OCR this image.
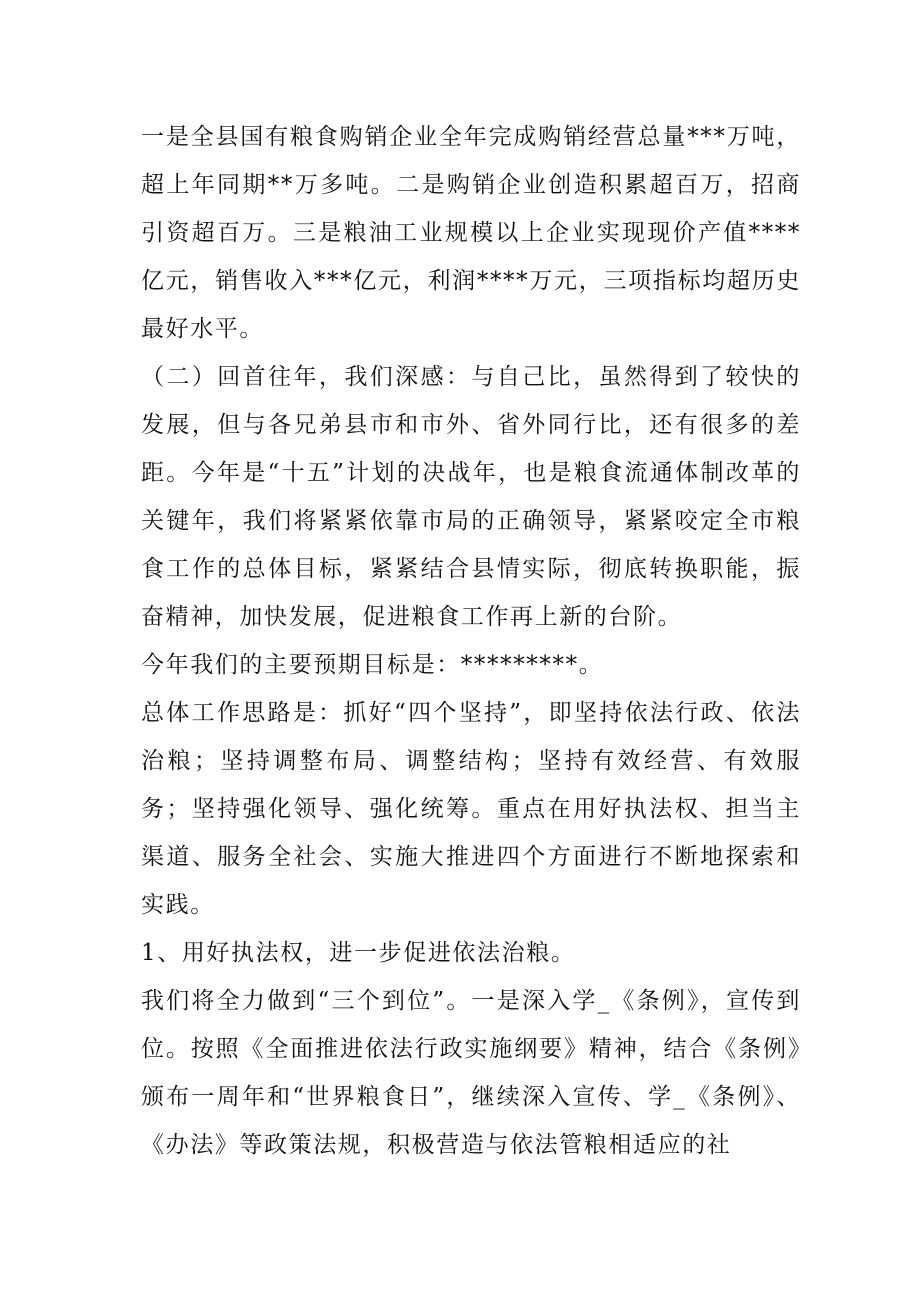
一是全县国有粮食购销企业全年完成购销经营总量***万吨，超上年同期**万多吨。二是购销企业创造积累超百万，招商引资超百万。三是粮油工业规模以上企业实现现价产值****亿元，销售收入***亿元，利润****万元，三项指标均超历史最好水平。

（二）回首往年，我们深感：与自己比，虽然得到了较快的发展，但与各兄弟县市和市外、省外同行比，还有很多的差距。今年是“十五”计划的决战年，也是粮食流通体制改革的关键年，我们将紧紧依靠市局的正确领导，紧紧咬定全市粮食工作的总体目标，紧紧结合县情实际，彻底转换职能，振奋精神，加快发展，促进粮食工作再上新的台阶。

今年我们的主要预期目标是：*********。

总体工作思路是：抓好“四个坚持”，即坚持依法行政、依法治粮；坚持调整布局、调整结构；坚持有效经营、有效服务；坚持强化领导、强化统筹。重点在用好执法权、担当主渠道、服务全社会、实施大推进四个方面进行不断地探索和实践。

1、用好执法权，进一步促进依法治粮。

我们将全力做到“三个到位”。一是深入学_《条例》，宣传到位。按照《全面推进依法行政实施纲要》精神，结合《条例》颁布一周年和“世界粮食日”，继续深入宣传、学_《条例》、《办法》等政策法规，积极营造与依法管粮相适应的社
